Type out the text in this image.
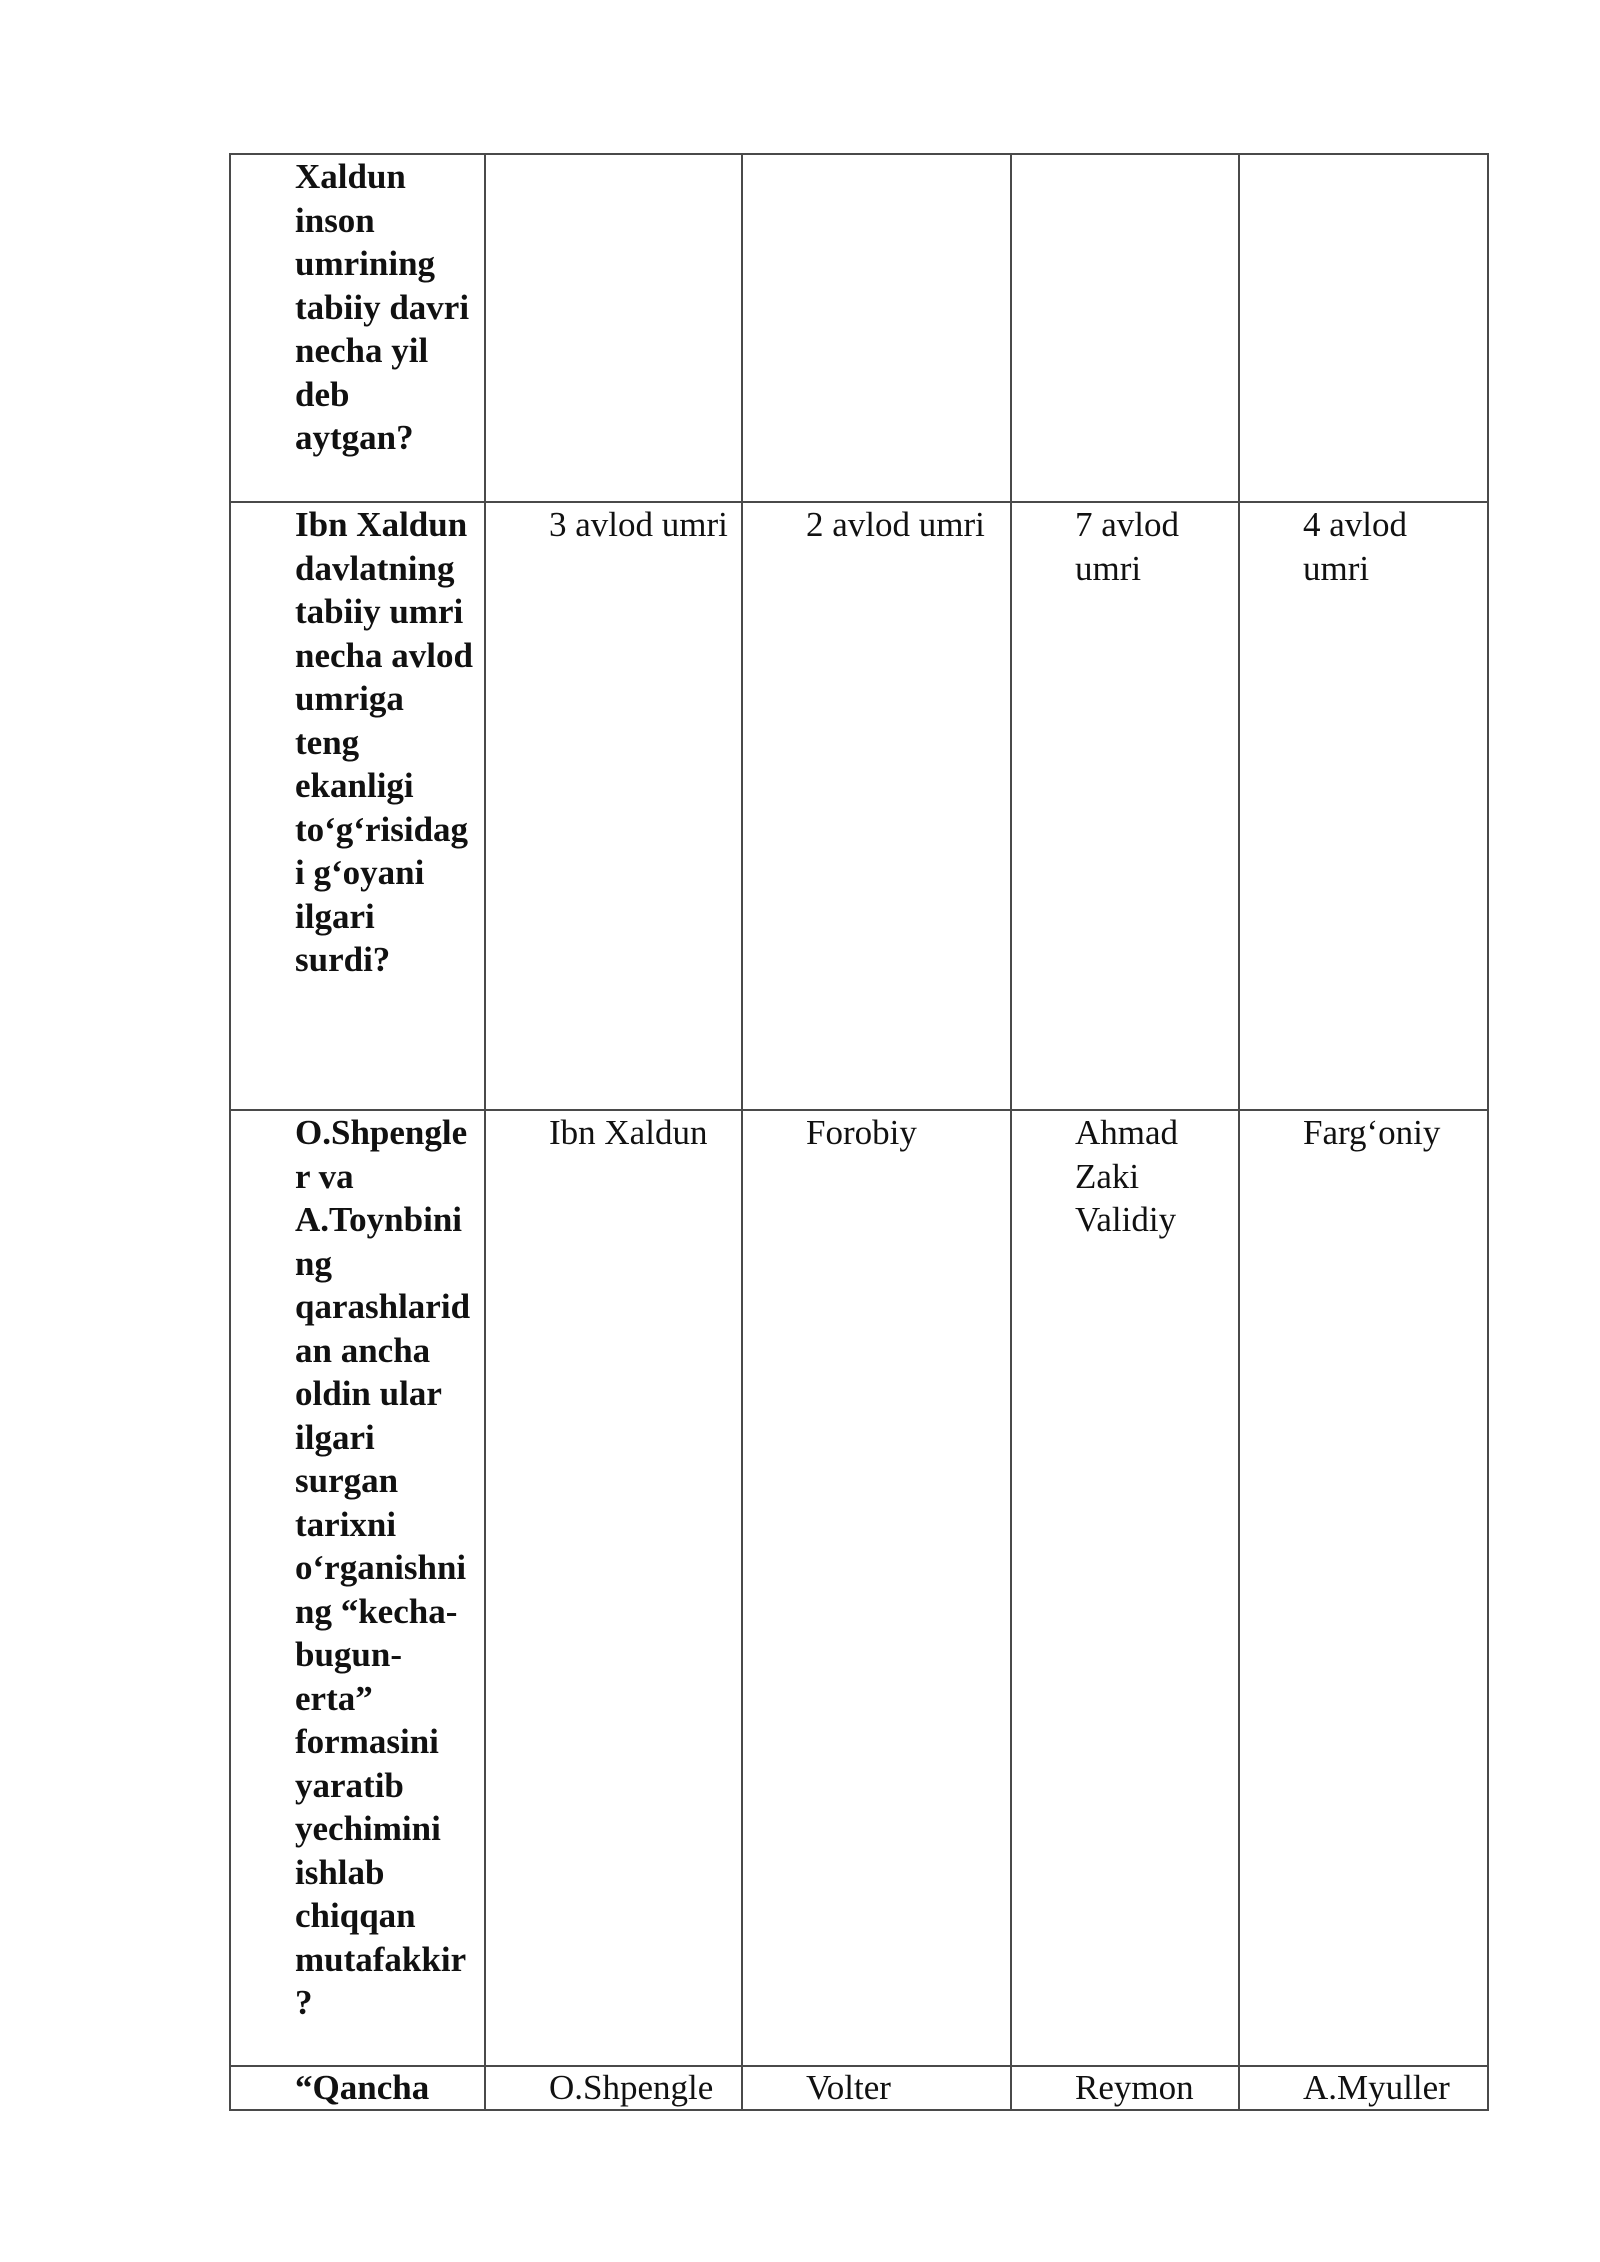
Xaldun inson umrining tabiiy davri necha yil deb aytgan?				

Ibn Xaldun davlatning tabiiy umri necha avlod umriga teng ekanligi to‘g‘risidagi g‘oyani ilgari surdi?	3 avlod umri	2 avlod umri	7 avlod umri	4 avlod umri

O.Shpengler va A.Toynbining qarashlaridan ancha oldin ular ilgari surgan tarixni o‘rganishning “kecha-bugun-erta” formasini yaratib yechimini ishlab chiqqan mutafakkir?	Ibn Xaldun	Forobiy	Ahmad Zaki Validiy	Farg‘oniy

“Qancha	O.Shpengle	Volter	Reymon	A.Myuller
